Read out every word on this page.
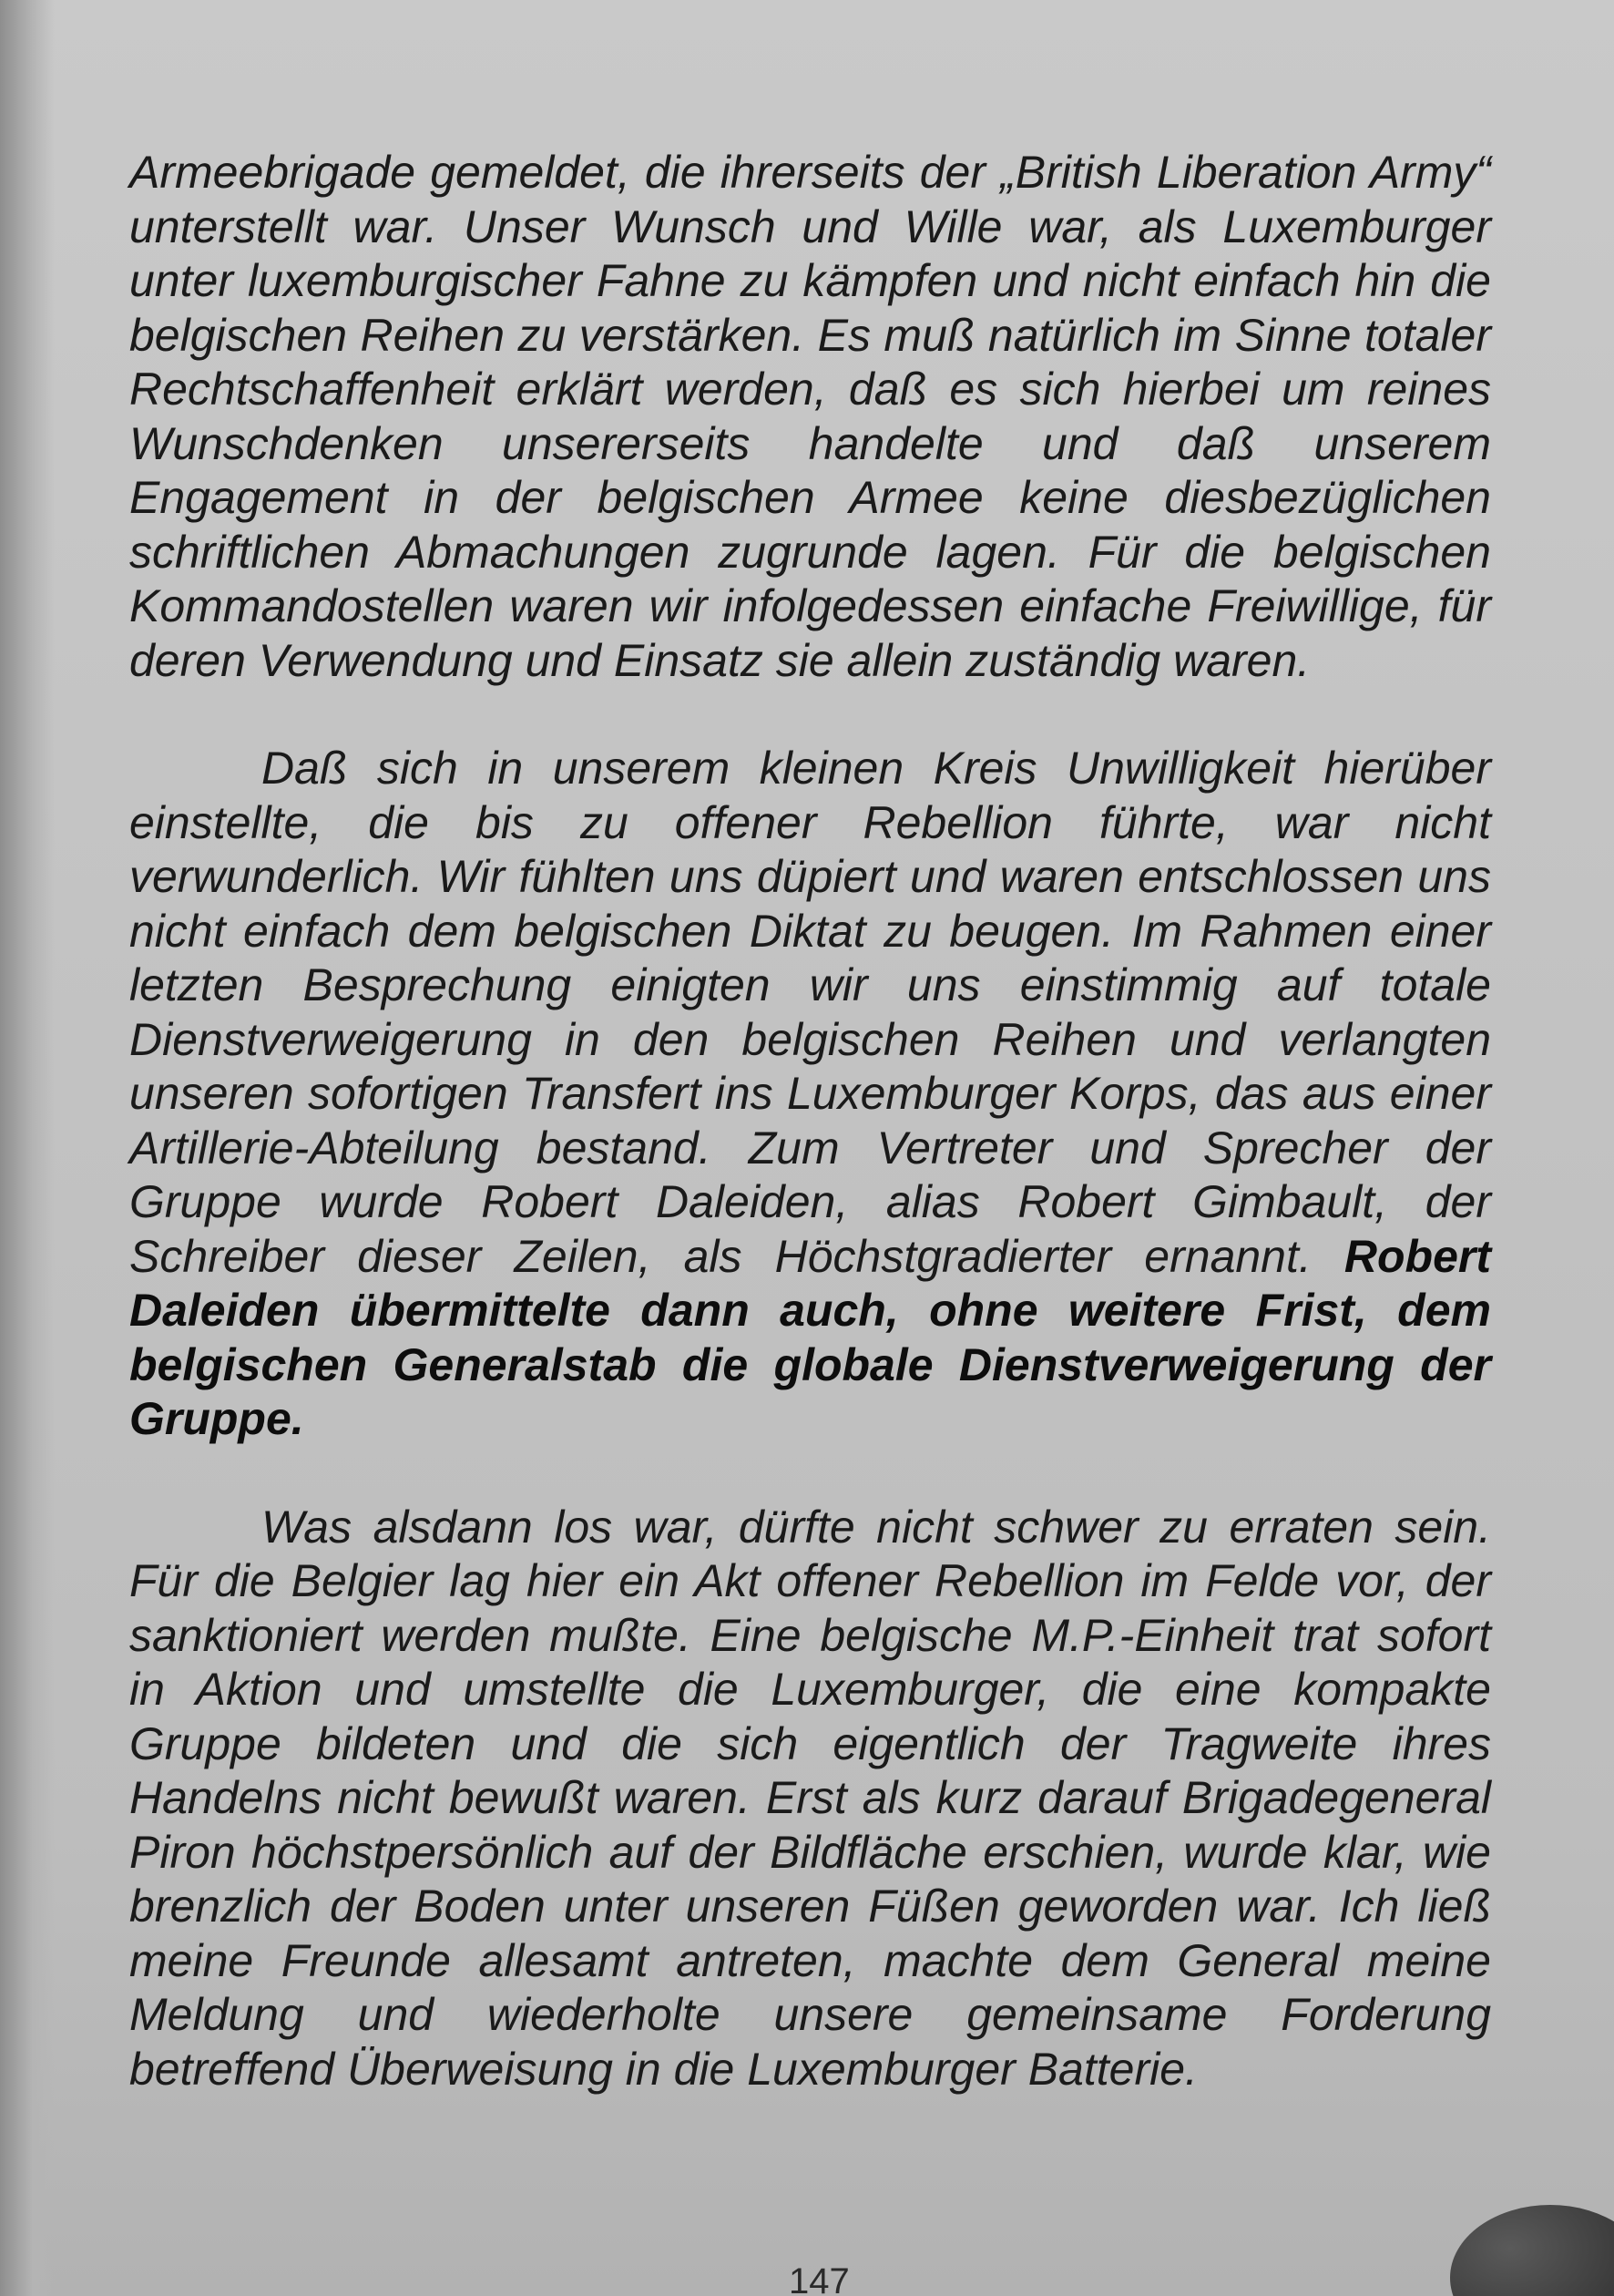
Armeebrigade gemeldet, die ihrerseits der „British Liberation Army“ unterstellt war. Unser Wunsch und Wille war, als Luxemburger unter luxemburgischer Fahne zu kämpfen und nicht einfach hin die belgischen Reihen zu verstärken. Es muß natürlich im Sinne totaler Rechtschaffenheit erklärt werden, daß es sich hierbei um reines Wunschdenken unsererseits handelte und daß unserem Engagement in der belgischen Armee keine diesbezüglichen schriftlichen Abmachungen zugrunde lagen. Für die belgischen Kommandostellen waren wir infolgedessen einfache Freiwillige, für deren Verwendung und Einsatz sie allein zuständig waren.

Daß sich in unserem kleinen Kreis Unwilligkeit hierüber einstellte, die bis zu offener Rebellion führte, war nicht verwunderlich. Wir fühlten uns düpiert und waren entschlossen uns nicht einfach dem belgischen Diktat zu beugen. Im Rahmen einer letzten Besprechung einigten wir uns einstimmig auf totale Dienstverweigerung in den belgischen Reihen und verlangten unseren sofortigen Transfert ins Luxemburger Korps, das aus einer Artillerie-Abteilung bestand. Zum Vertreter und Sprecher der Gruppe wurde Robert Daleiden, alias Robert Gimbault, der Schreiber dieser Zeilen, als Höchstgradierter ernannt. Robert Daleiden übermittelte dann auch, ohne weitere Frist, dem belgischen Generalstab die globale Dienstverweigerung der Gruppe.

Was alsdann los war, dürfte nicht schwer zu erraten sein. Für die Belgier lag hier ein Akt offener Rebellion im Felde vor, der sanktioniert werden mußte. Eine belgische M.P.-Einheit trat sofort in Aktion und umstellte die Luxemburger, die eine kompakte Gruppe bildeten und die sich eigentlich der Tragweite ihres Handelns nicht bewußt waren. Erst als kurz darauf Brigadegeneral Piron höchstpersönlich auf der Bildfläche erschien, wurde klar, wie brenzlich der Boden unter unseren Füßen geworden war. Ich ließ meine Freunde allesamt antreten, machte dem General meine Meldung und wiederholte unsere gemeinsame Forderung betreffend Überweisung in die Luxemburger Batterie.

147
